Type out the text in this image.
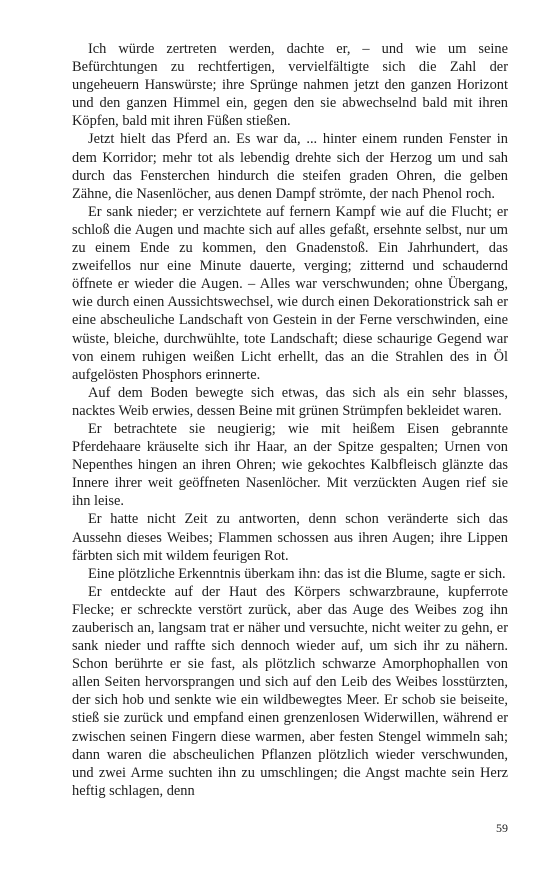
Ich würde zertreten werden, dachte er, – und wie um seine Befürchtungen zu rechtfertigen, vervielfältigte sich die Zahl der ungeheuern Hanswürste; ihre Sprünge nahmen jetzt den ganzen Horizont und den ganzen Himmel ein, gegen den sie abwechselnd bald mit ihren Köpfen, bald mit ihren Füßen stießen.

Jetzt hielt das Pferd an. Es war da, ... hinter einem runden Fenster in dem Korridor; mehr tot als lebendig drehte sich der Herzog um und sah durch das Fensterchen hindurch die steifen graden Ohren, die gelben Zähne, die Nasenlöcher, aus denen Dampf strömte, der nach Phenol roch.

Er sank nieder; er verzichtete auf fernern Kampf wie auf die Flucht; er schloß die Augen und machte sich auf alles gefaßt, ersehnte selbst, nur um zu einem Ende zu kommen, den Gnadenstoß. Ein Jahrhundert, das zweifellos nur eine Minute dauerte, verging; zitternd und schaudernd öffnete er wieder die Augen. – Alles war verschwunden; ohne Übergang, wie durch einen Aussichtswechsel, wie durch einen Dekorationstrick sah er eine abscheuliche Landschaft von Gestein in der Ferne verschwinden, eine wüste, bleiche, durchwühlte, tote Landschaft; diese schaurige Gegend war von einem ruhigen weißen Licht erhellt, das an die Strahlen des in Öl aufgelösten Phosphors erinnerte.

Auf dem Boden bewegte sich etwas, das sich als ein sehr blasses, nacktes Weib erwies, dessen Beine mit grünen Strümpfen bekleidet waren.

Er betrachtete sie neugierig; wie mit heißem Eisen gebrannte Pferdehaare kräuselte sich ihr Haar, an der Spitze gespalten; Urnen von Nepenthes hingen an ihren Ohren; wie gekochtes Kalbfleisch glänzte das Innere ihrer weit geöffneten Nasenlöcher. Mit verzückten Augen rief sie ihn leise.

Er hatte nicht Zeit zu antworten, denn schon veränderte sich das Aussehn dieses Weibes; Flammen schossen aus ihren Augen; ihre Lippen färbten sich mit wildem feurigen Rot.

Eine plötzliche Erkenntnis überkam ihn: das ist die Blume, sagte er sich.

Er entdeckte auf der Haut des Körpers schwarzbraune, kupferrote Flecke; er schreckte verstört zurück, aber das Auge des Weibes zog ihn zauberisch an, langsam trat er näher und versuchte, nicht weiter zu gehn, er sank nieder und raffte sich dennoch wieder auf, um sich ihr zu nähern. Schon berührte er sie fast, als plötzlich schwarze Amorphophallen von allen Seiten hervorsprangen und sich auf den Leib des Weibes losstürzten, der sich hob und senkte wie ein wildbewegtes Meer. Er schob sie beiseite, stieß sie zurück und empfand einen grenzenlosen Widerwillen, während er zwischen seinen Fingern diese warmen, aber festen Stengel wimmeln sah; dann waren die abscheulichen Pflanzen plötzlich wieder verschwunden, und zwei Arme suchten ihn zu umschlingen; die Angst machte sein Herz heftig schlagen, denn

59
